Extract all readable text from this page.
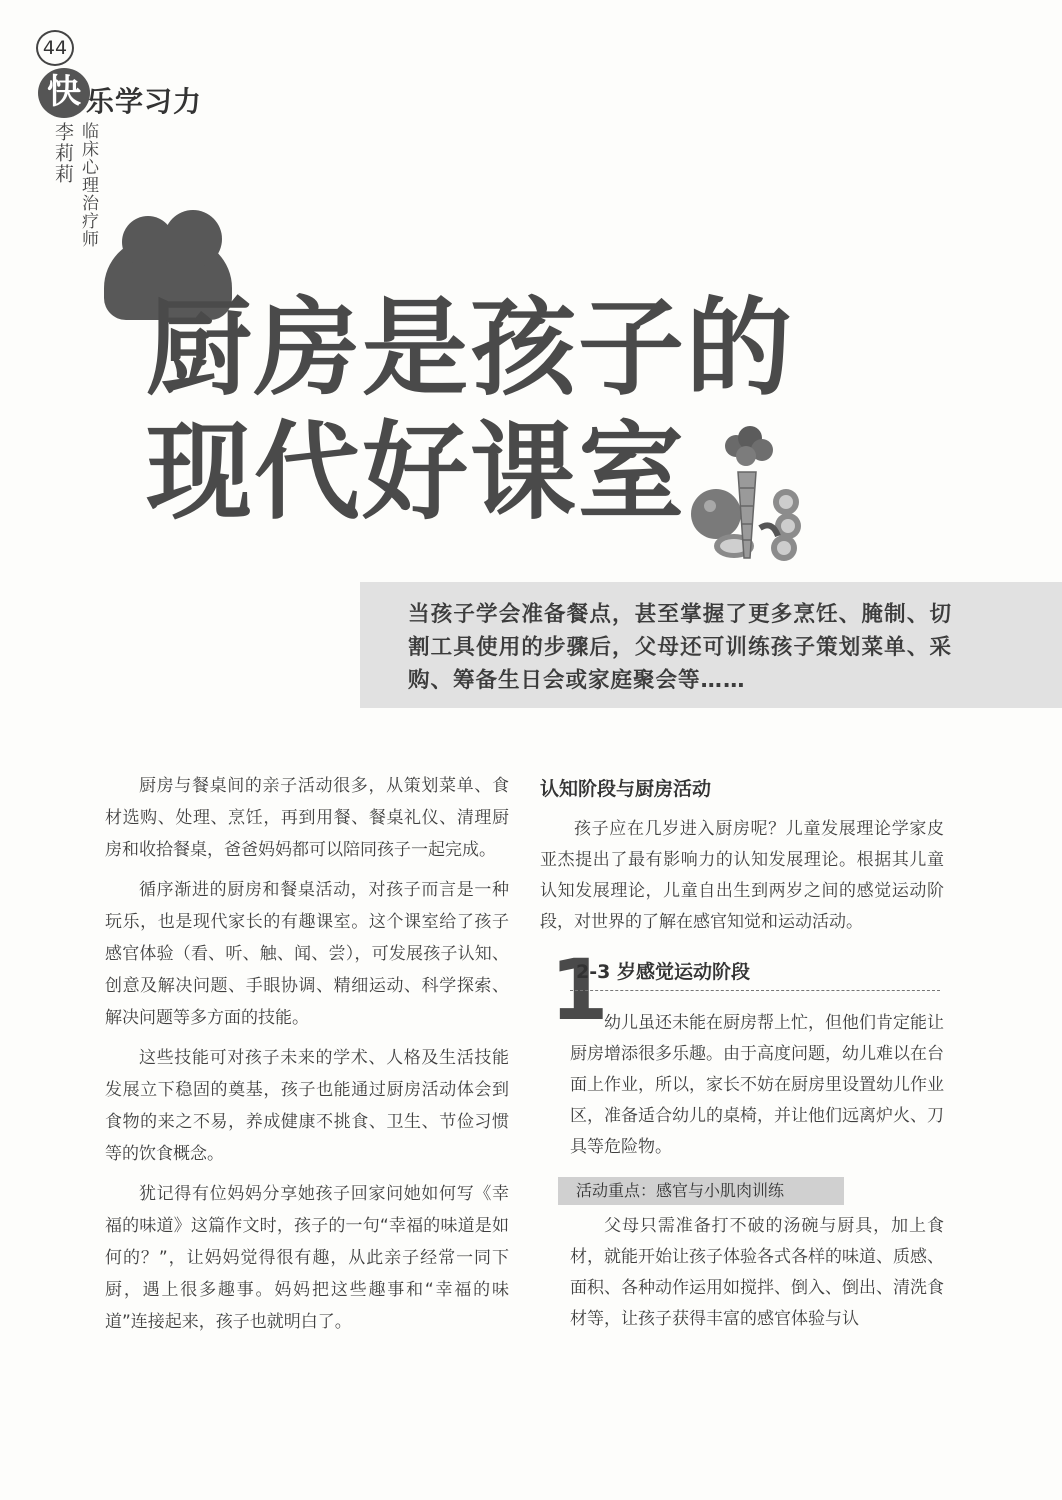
44
快 乐学习力
李莉莉 临床心理治疗师
厨房是孩子的
现代好课室
当孩子学会准备餐点，甚至掌握了更多烹饪、腌制、切割工具使用的步骤后，父母还可训练孩子策划菜单、采购、筹备生日会或家庭聚会等……

厨房与餐桌间的亲子活动很多，从策划菜单、食材选购、处理、烹饪，再到用餐、餐桌礼仪、清理厨房和收拾餐桌，爸爸妈妈都可以陪同孩子一起完成。

循序渐进的厨房和餐桌活动，对孩子而言是一种玩乐，也是现代家长的有趣课室。这个课室给了孩子感官体验（看、听、触、闻、尝），可发展孩子认知、创意及解决问题、手眼协调、精细运动、科学探索、解决问题等多方面的技能。

这些技能可对孩子未来的学术、人格及生活技能发展立下稳固的奠基，孩子也能通过厨房活动体会到食物的来之不易，养成健康不挑食、卫生、节俭习惯等的饮食概念。

犹记得有位妈妈分享她孩子回家问她如何写《幸福的味道》这篇作文时，孩子的一句“幸福的味道是如何的？”，让妈妈觉得很有趣，从此亲子经常一同下厨，遇上很多趣事。妈妈把这些趣事和“幸福的味道”连接起来，孩子也就明白了。

认知阶段与厨房活动

孩子应在几岁进入厨房呢？儿童发展理论学家皮亚杰提出了最有影响力的认知发展理论。根据其儿童认知发展理论，儿童自出生到两岁之间的感觉运动阶段，对世界的了解在感官知觉和运动活动。

1
2-3 岁感觉运动阶段

幼儿虽还未能在厨房帮上忙，但他们肯定能让厨房增添很多乐趣。由于高度问题，幼儿难以在台面上作业，所以，家长不妨在厨房里设置幼儿作业区，准备适合幼儿的桌椅，并让他们远离炉火、刀具等危险物。

活动重点：感官与小肌肉训练

父母只需准备打不破的汤碗与厨具，加上食材，就能开始让孩子体验各式各样的味道、质感、面积、各种动作运用如搅拌、倒入、倒出、清洗食材等，让孩子获得丰富的感官体验与认
